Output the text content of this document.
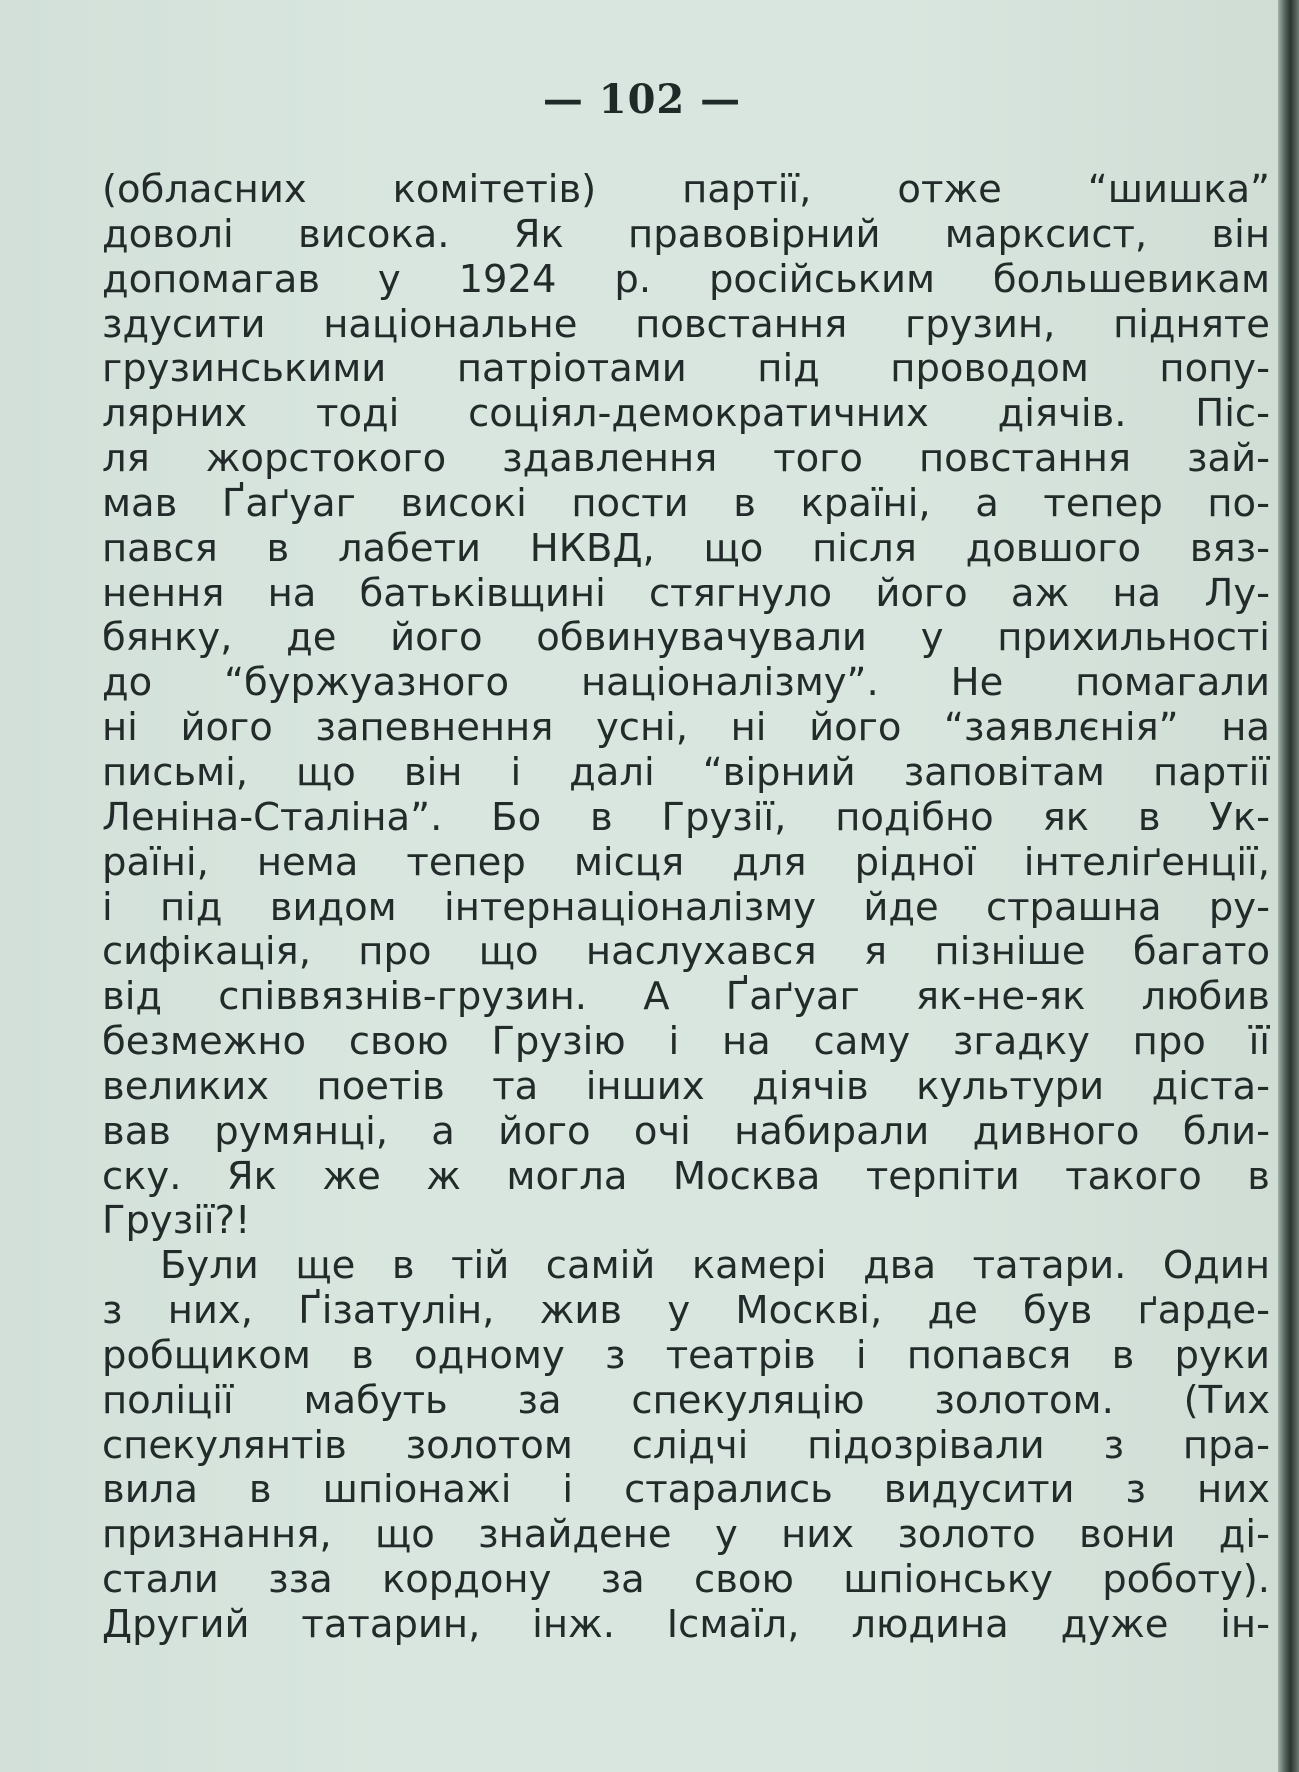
— 102 —
(обласних комітетів) партії, отже “шишка”
доволі висока. Як правовірний марксист, він
допомагав у 1924 р. російським большевикам
здусити національне повстання грузин, підняте
грузинськими патріотами під проводом попу-
лярних тоді соціял-демократичних діячів. Піс-
ля жорстокого здавлення того повстання зай-
мав Ґаґуаг високі пости в країні, а тепер по-
пався в лабети НКВД, що після довшого вяз-
нення на батьківщині стягнуло його аж на Лу-
бянку, де його обвинувачували у прихильності
до “буржуазного націоналізму”. Не помагали
ні його запевнення усні, ні його “заявлєнія” на
письмі, що він і далі “вірний заповітам партії
Леніна-Сталіна”. Бо в Грузії, подібно як в Ук-
раїні, нема тепер місця для рідної інтеліґенції,
і під видом інтернаціоналізму йде страшна ру-
сифікація, про що наслухався я пізніше багато
від співвязнів-грузин. А Ґаґуаг як-не-як любив
безмежно свою Грузію і на саму згадку про її
великих поетів та інших діячів культури діста-
вав румянці, а його очі набирали дивного бли-
ску. Як же ж могла Москва терпіти такого в
Грузії?!
Були ще в тій самій камері два татари. Один
з них, Ґізатулін, жив у Москві, де був ґарде-
робщиком в одному з театрів і попався в руки
поліції мабуть за спекуляцію золотом. (Тих
спекулянтів золотом слідчі підозрівали з пра-
вила в шпіонажі і старались видусити з них
признання, що знайдене у них золото вони ді-
стали зза кордону за свою шпіонську роботу).
Другий татарин, інж. Ісмаїл, людина дуже ін-
